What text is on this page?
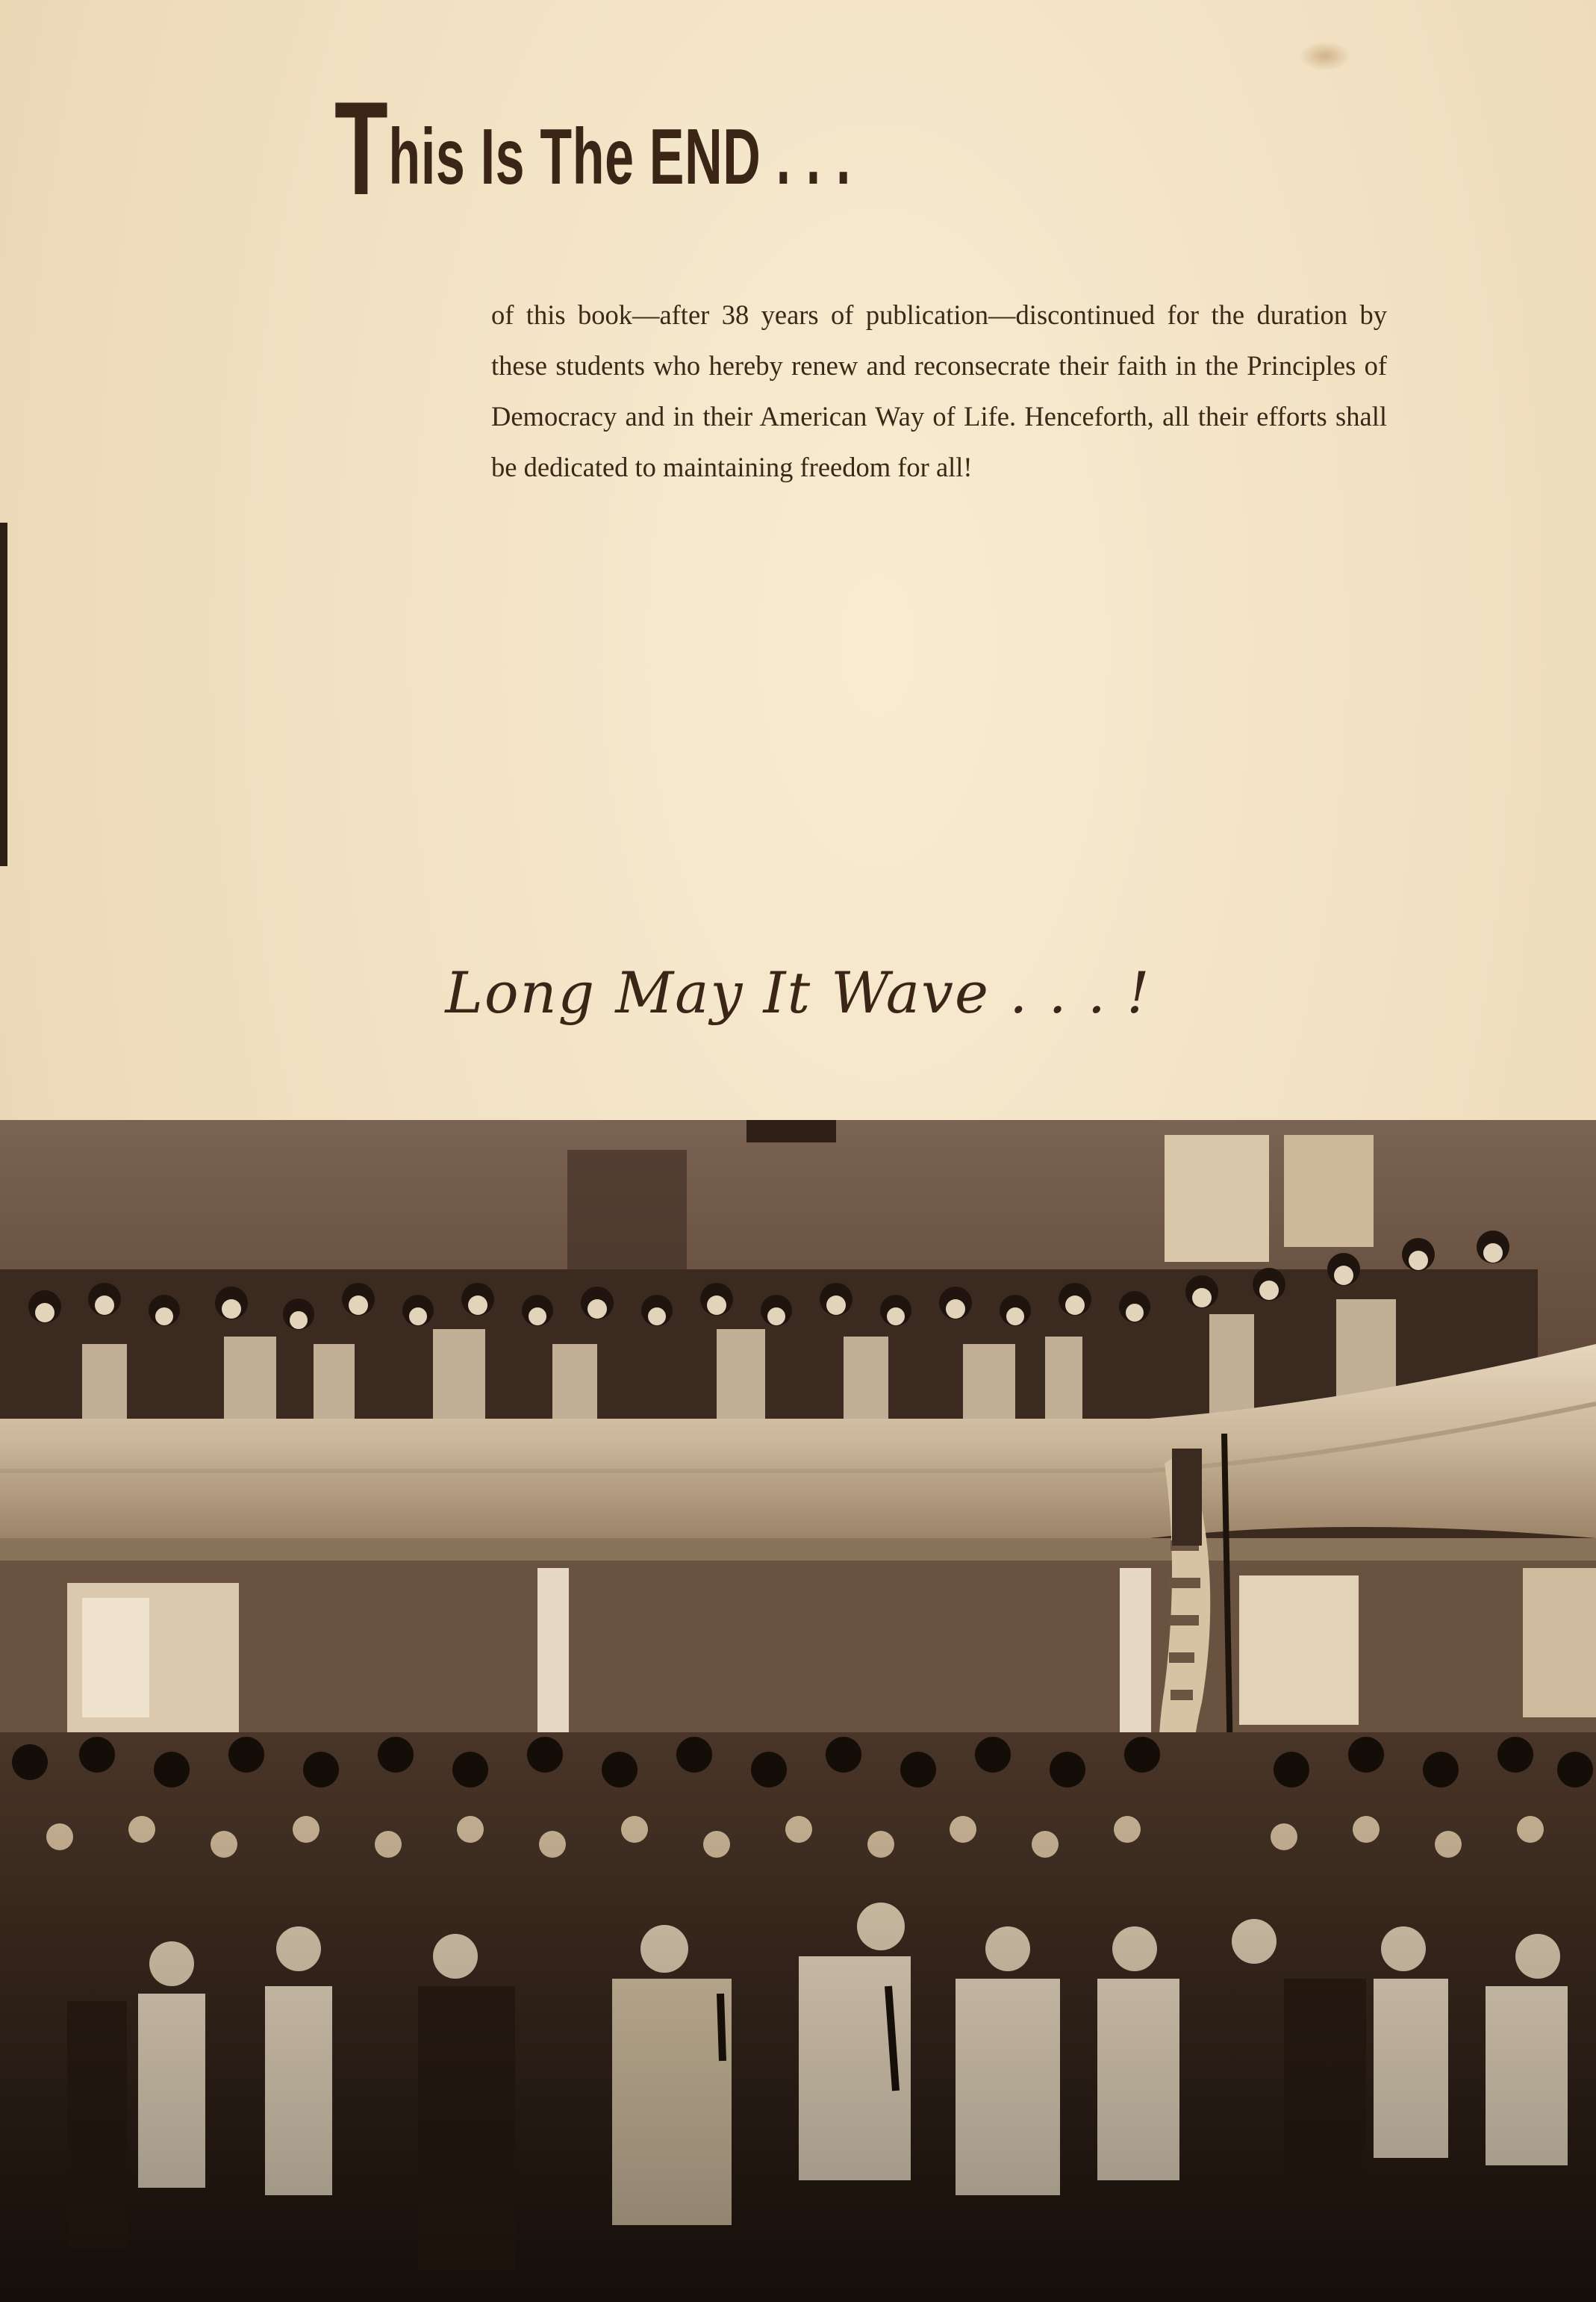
This Is The END . . .

of this book—after 38 years of publication—discontinued for the duration by these students who hereby renew and reconsecrate their faith in the Principles of Democracy and in their American Way of Life. Henceforth, all their efforts shall be dedicated to maintaining freedom for all!

Long May It Wave . . . !
